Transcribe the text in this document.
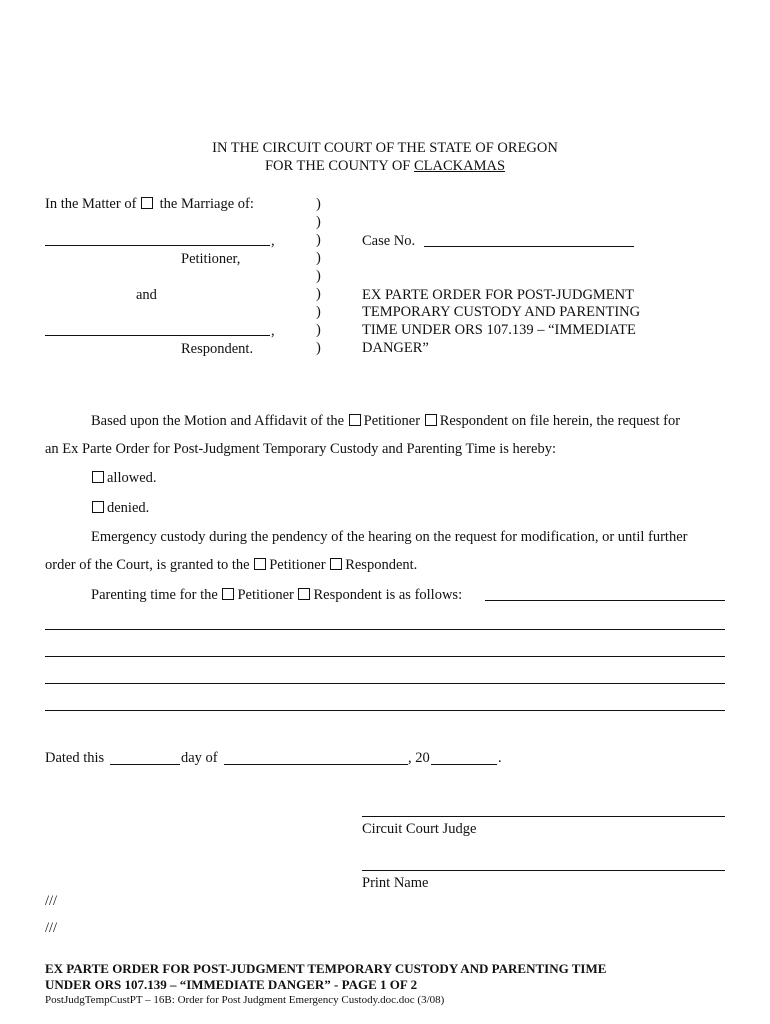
IN THE CIRCUIT COURT OF THE STATE OF OREGON
FOR THE COUNTY OF CLACKAMAS
In the Matter of the Marriage of:
,
Petitioner,
and
,
Respondent.
)
)
)
)
)
)
)
)
)
Case No.
EX PARTE ORDER FOR POST-JUDGMENT
TEMPORARY CUSTODY AND PARENTING
TIME UNDER ORS 107.139 – “IMMEDIATE
DANGER”
Based upon the Motion and Affidavit of the Petitioner Respondent on file herein, the request for
an Ex Parte Order for Post-Judgment Temporary Custody and Parenting Time is hereby:
allowed.
denied.
Emergency custody during the pendency of the hearing on the request for modification, or until further
order of the Court, is granted to the Petitioner Respondent.
Parenting time for the Petitioner Respondent is as follows:
Dated this	day of	, 20	.
Circuit Court Judge
Print Name
///
///
EX PARTE ORDER FOR POST-JUDGMENT TEMPORARY CUSTODY AND PARENTING TIME
UNDER ORS 107.139 – “IMMEDIATE DANGER” - PAGE 1 OF 2
PostJudgTempCustPT – 16B: Order for Post Judgment Emergency Custody.doc.doc (3/08)
